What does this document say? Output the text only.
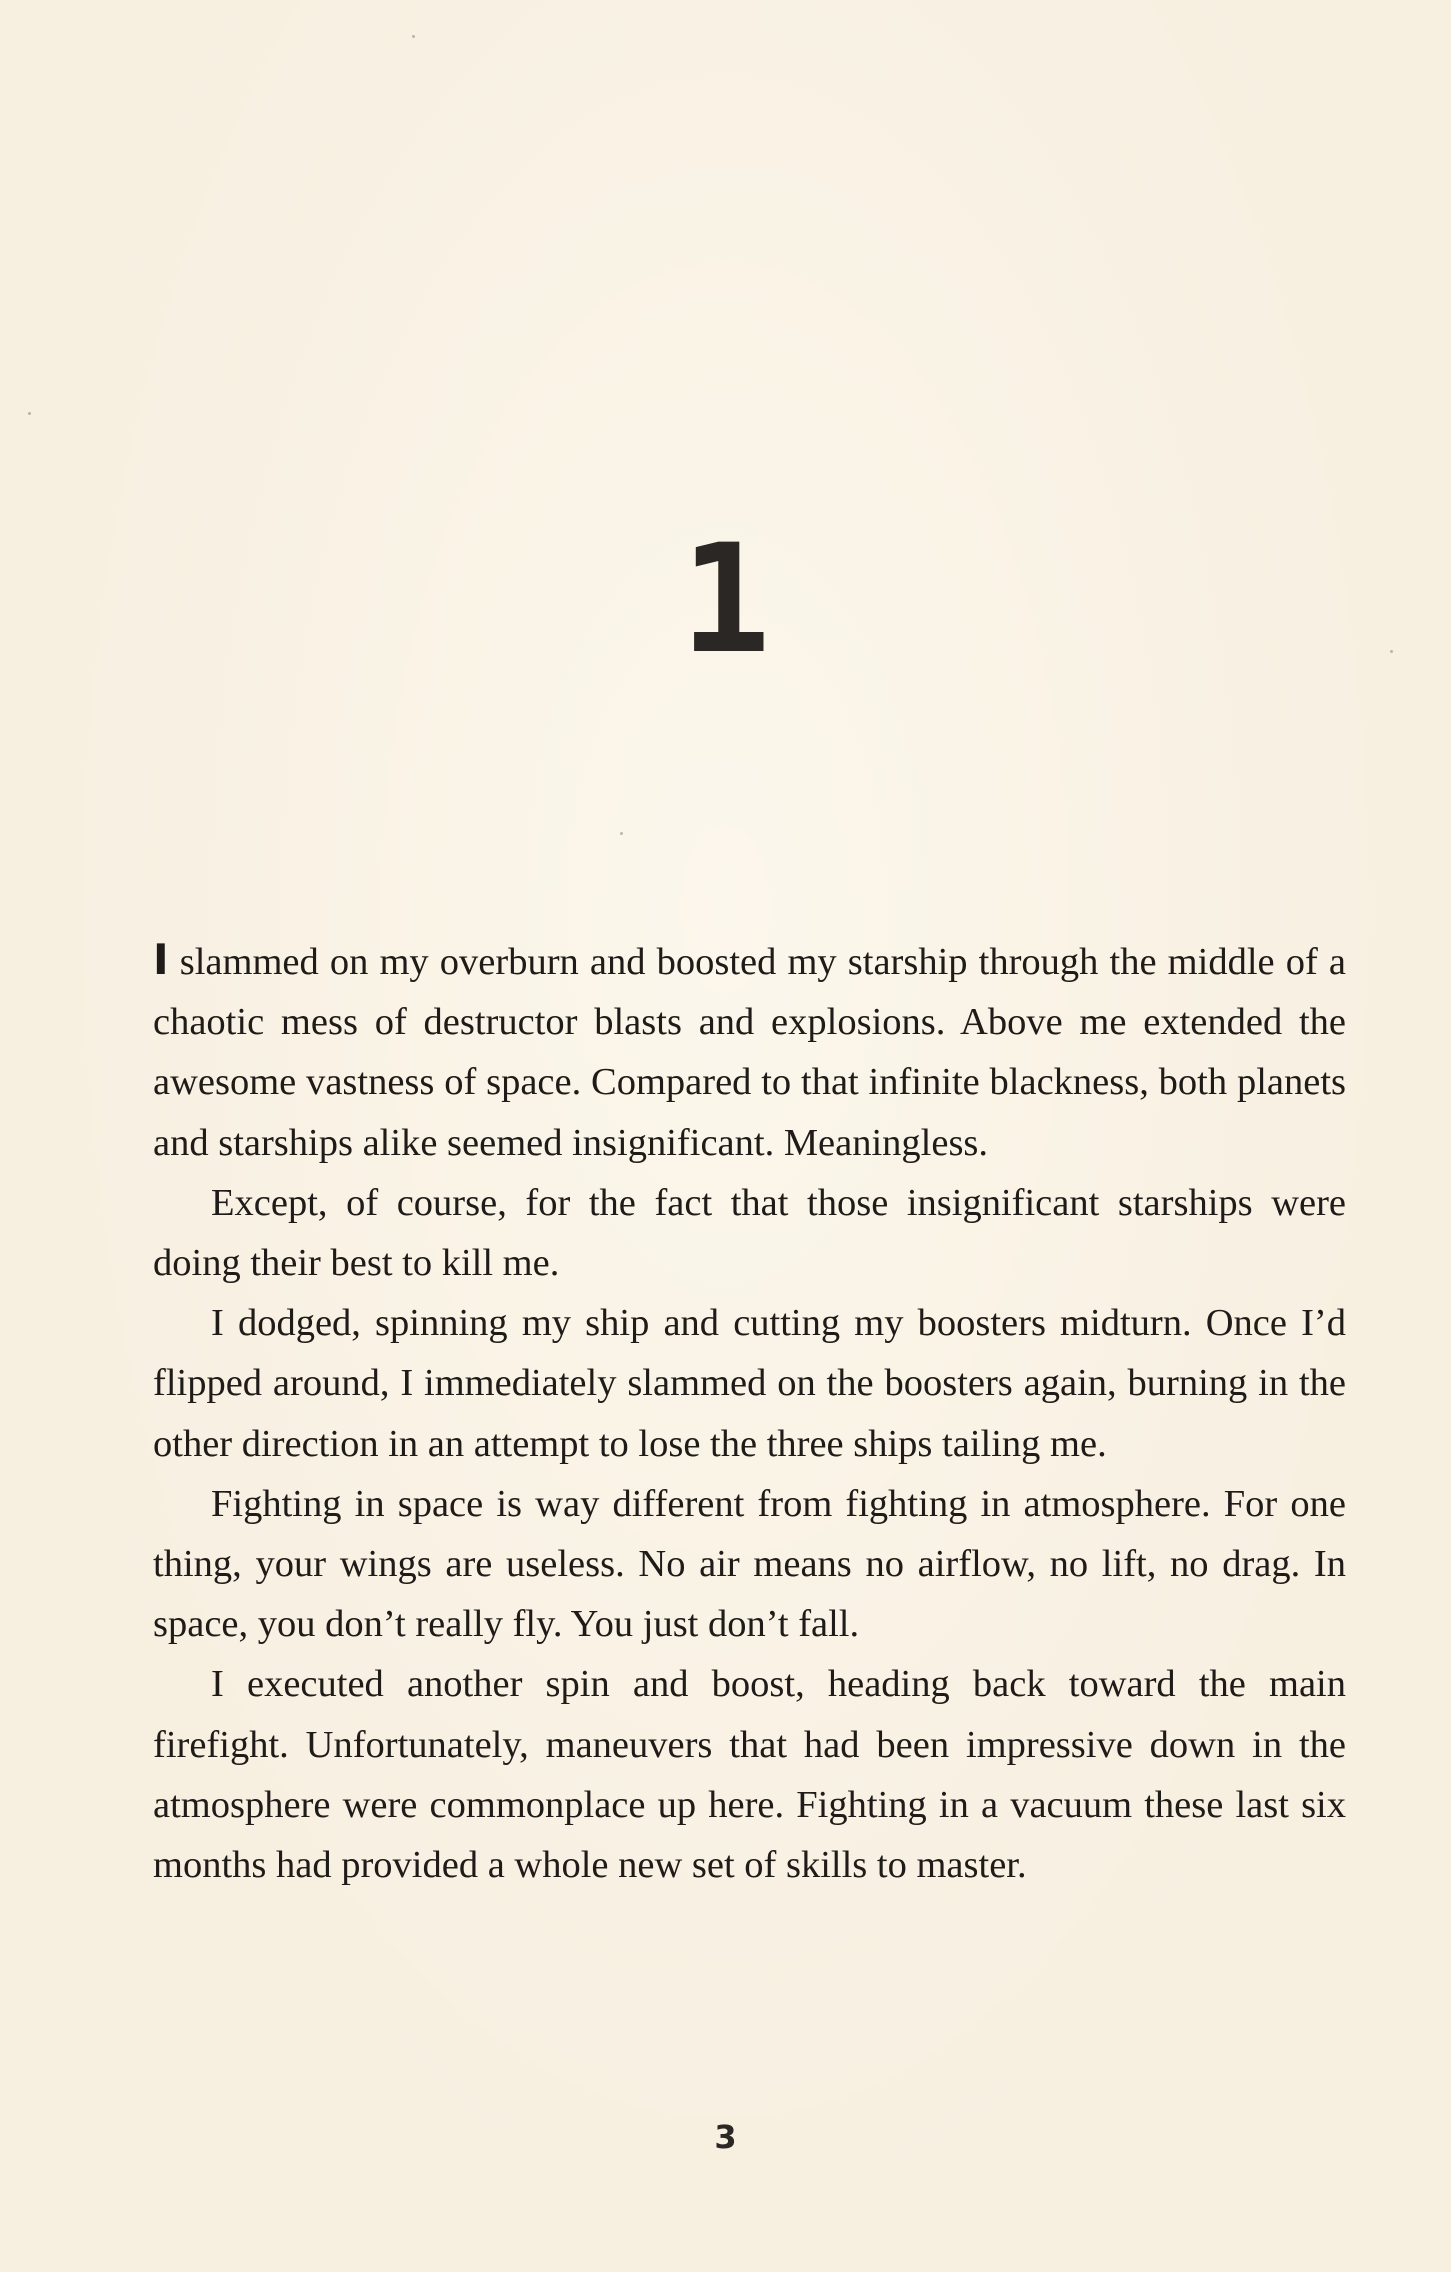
1

I slammed on my overburn and boosted my starship through the middle of a chaotic mess of destructor blasts and explosions. Above me extended the awesome vastness of space. Compared to that infinite blackness, both planets and starships alike seemed insignificant. Meaningless.

Except, of course, for the fact that those insignificant starships were doing their best to kill me.

I dodged, spinning my ship and cutting my boosters midturn. Once I’d flipped around, I immediately slammed on the boosters again, burning in the other direction in an attempt to lose the three ships tailing me.

Fighting in space is way different from fighting in atmosphere. For one thing, your wings are useless. No air means no airflow, no lift, no drag. In space, you don’t really fly. You just don’t fall.

I executed another spin and boost, heading back toward the main firefight. Unfortunately, maneuvers that had been impressive down in the atmosphere were commonplace up here. Fighting in a vacuum these last six months had provided a whole new set of skills to master.

3
